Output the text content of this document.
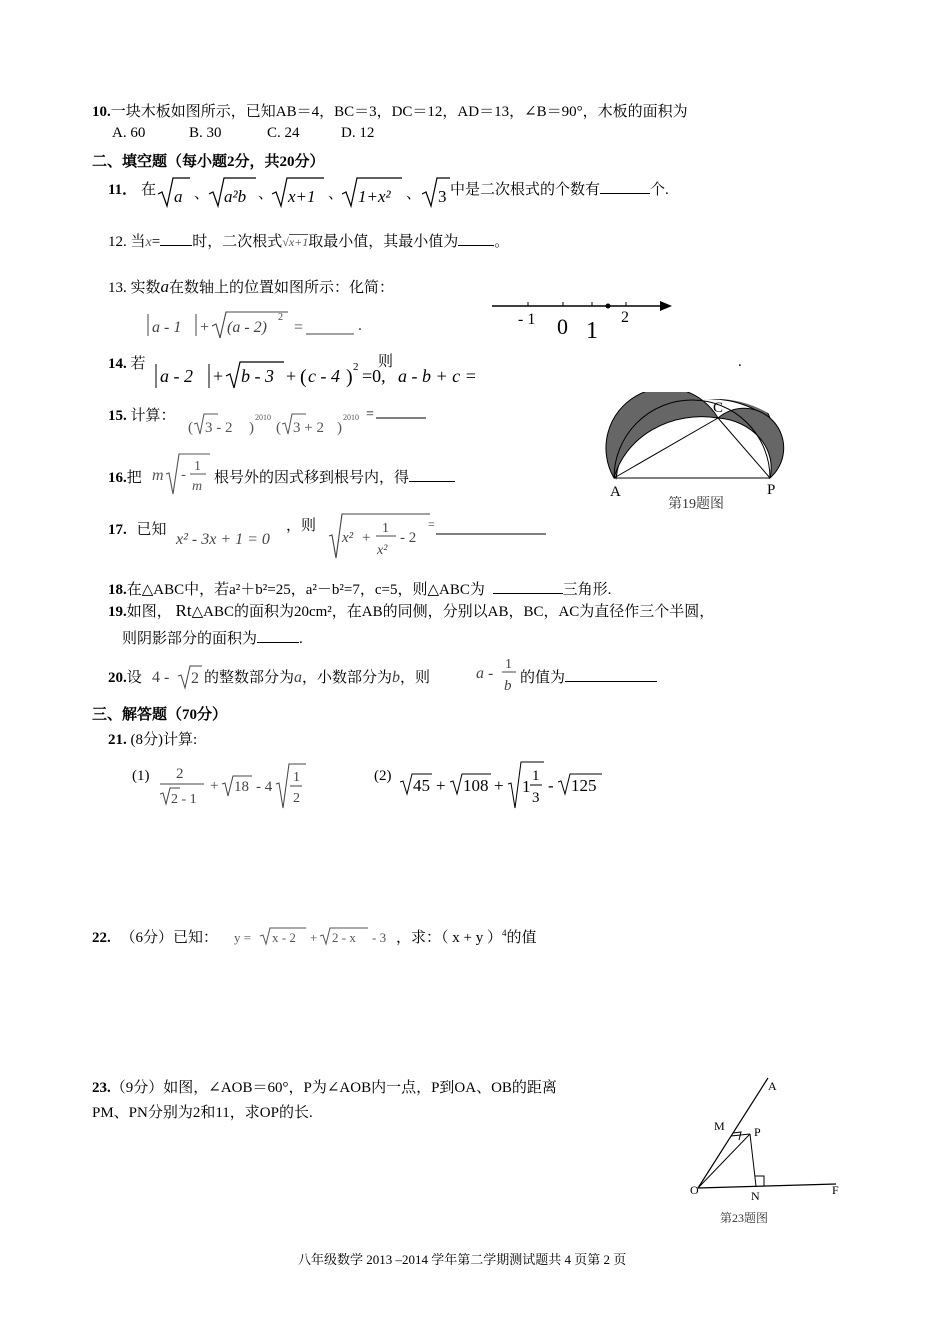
10.一块木板如图所示，已知AB＝4，BC＝3，DC＝12，AD＝13，∠B＝90°，木板的面积为
A. 60	B. 30	C. 24	D. 12
二、填空题（每小题2分，共20分）
11． 在 a 、 a²b 、 x+1 、 1+x² 、 3 中是二次根式的个数有	个.
12. 当x= 时，二次根式√x+1取最小值，其最小值为 。
13. 实数a在数轴上的位置如图所示：化简：
a - 1 + (a - 2)
2
=	.	- 1 0 1
2
14. 若
a - 2 + b - 3 + ( c - 4 ) 2 =0,
则
a - b + c =
.
15. 计算：
( 3 - 2 )
2010
( 3 + 2 )
2010 =
16.把 m -
1
m
根号外的因式移到根号内，得
17. 已知
x² - 3x + 1 = 0
，则
x² +
1
x²
- 2
=
18.在△ABC中，若a²＋b²=25，a²－b²=7，c=5，则△ABC为	三角形.
19.如图， Rt△ABC的面积为20cm²，在AB的同侧，分别以AB，BC，AC为直径作三个半圆，
则阴影部分的面积为	.
A
C
P
第19题图
20.设 4 - 2 的整数部分为a，小数部分为b，则	a -
1
b 的值为
三、解答题（70分）
21. (8分)计算:
(1) 2
2 - 1
+ 18 - 4
1
2
(2) 45 + 108 + 1
1
3
- 125
22. （6分）已知： y = x - 2 + 2 - x - 3 ，求：（ x + y ）$^4$的值
23.（9分）如图，∠AOB＝60°，P为∠AOB内一点，P到OA、OB的距离
PM、PN分别为2和11，求OP的长.
A
M P
O	N	F
第23题图
八年级数学 2013 –2014 学年第二学期测试题共 4 页第 2 页
